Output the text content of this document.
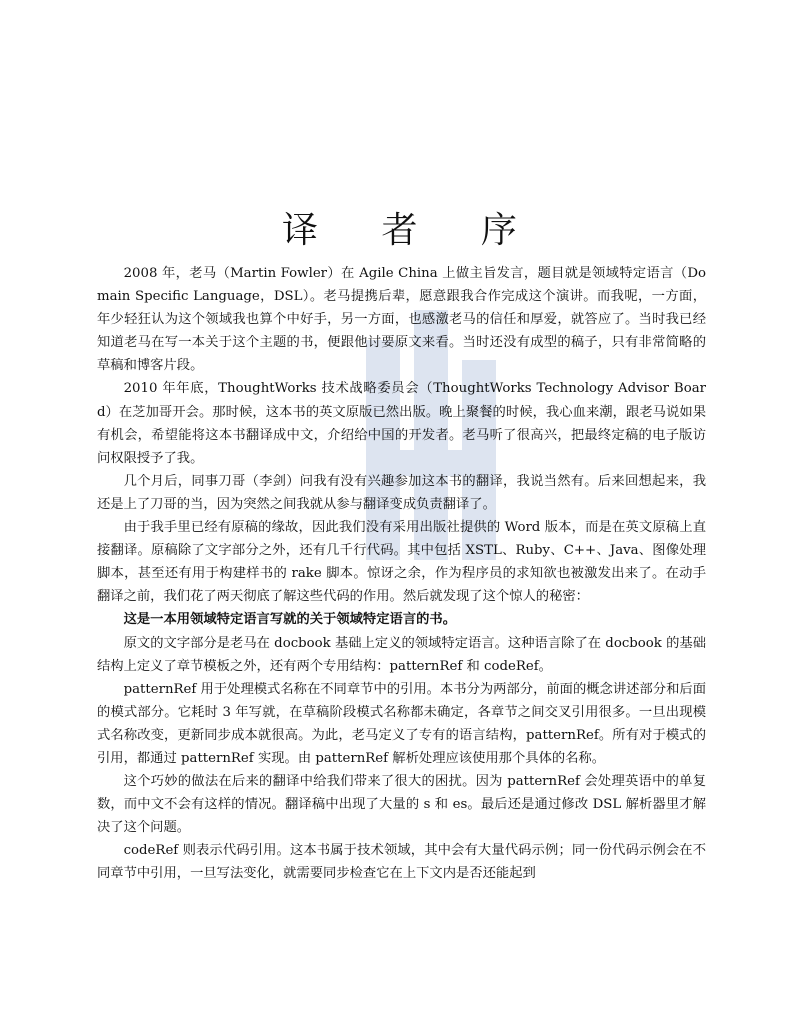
译 者 序

2008 年，老马（Martin Fowler）在 Agile China 上做主旨发言，题目就是领域特定语言（Domain Specific Language，DSL）。老马提携后辈，愿意跟我合作完成这个演讲。而我呢，一方面，年少轻狂认为这个领域我也算个中好手，另一方面，也感激老马的信任和厚爱，就答应了。当时我已经知道老马在写一本关于这个主题的书，便跟他讨要原文来看。当时还没有成型的稿子，只有非常简略的草稿和博客片段。

2010 年年底，ThoughtWorks 技术战略委员会（ThoughtWorks Technology Advisor Board）在芝加哥开会。那时候，这本书的英文原版已然出版。晚上聚餐的时候，我心血来潮，跟老马说如果有机会，希望能将这本书翻译成中文，介绍给中国的开发者。老马听了很高兴，把最终定稿的电子版访问权限授予了我。

几个月后，同事刀哥（李剑）问我有没有兴趣参加这本书的翻译，我说当然有。后来回想起来，我还是上了刀哥的当，因为突然之间我就从参与翻译变成负责翻译了。

由于我手里已经有原稿的缘故，因此我们没有采用出版社提供的 Word 版本，而是在英文原稿上直接翻译。原稿除了文字部分之外，还有几千行代码。其中包括 XSTL、Ruby、C++、Java、图像处理脚本，甚至还有用于构建样书的 rake 脚本。惊讶之余，作为程序员的求知欲也被激发出来了。在动手翻译之前，我们花了两天彻底了解这些代码的作用。然后就发现了这个惊人的秘密：

这是一本用领域特定语言写就的关于领域特定语言的书。

原文的文字部分是老马在 docbook 基础上定义的领域特定语言。这种语言除了在 docbook 的基础结构上定义了章节模板之外，还有两个专用结构：patternRef 和 codeRef。

patternRef 用于处理模式名称在不同章节中的引用。本书分为两部分，前面的概念讲述部分和后面的模式部分。它耗时 3 年写就，在草稿阶段模式名称都未确定，各章节之间交叉引用很多。一旦出现模式名称改变，更新同步成本就很高。为此，老马定义了专有的语言结构，patternRef。所有对于模式的引用，都通过 patternRef 实现。由 patternRef 解析处理应该使用那个具体的名称。

这个巧妙的做法在后来的翻译中给我们带来了很大的困扰。因为 patternRef 会处理英语中的单复数，而中文不会有这样的情况。翻译稿中出现了大量的 s 和 es。最后还是通过修改 DSL 解析器里才解决了这个问题。

codeRef 则表示代码引用。这本书属于技术领域，其中会有大量代码示例；同一份代码示例会在不同章节中引用，一旦写法变化，就需要同步检查它在上下文内是否还能起到
